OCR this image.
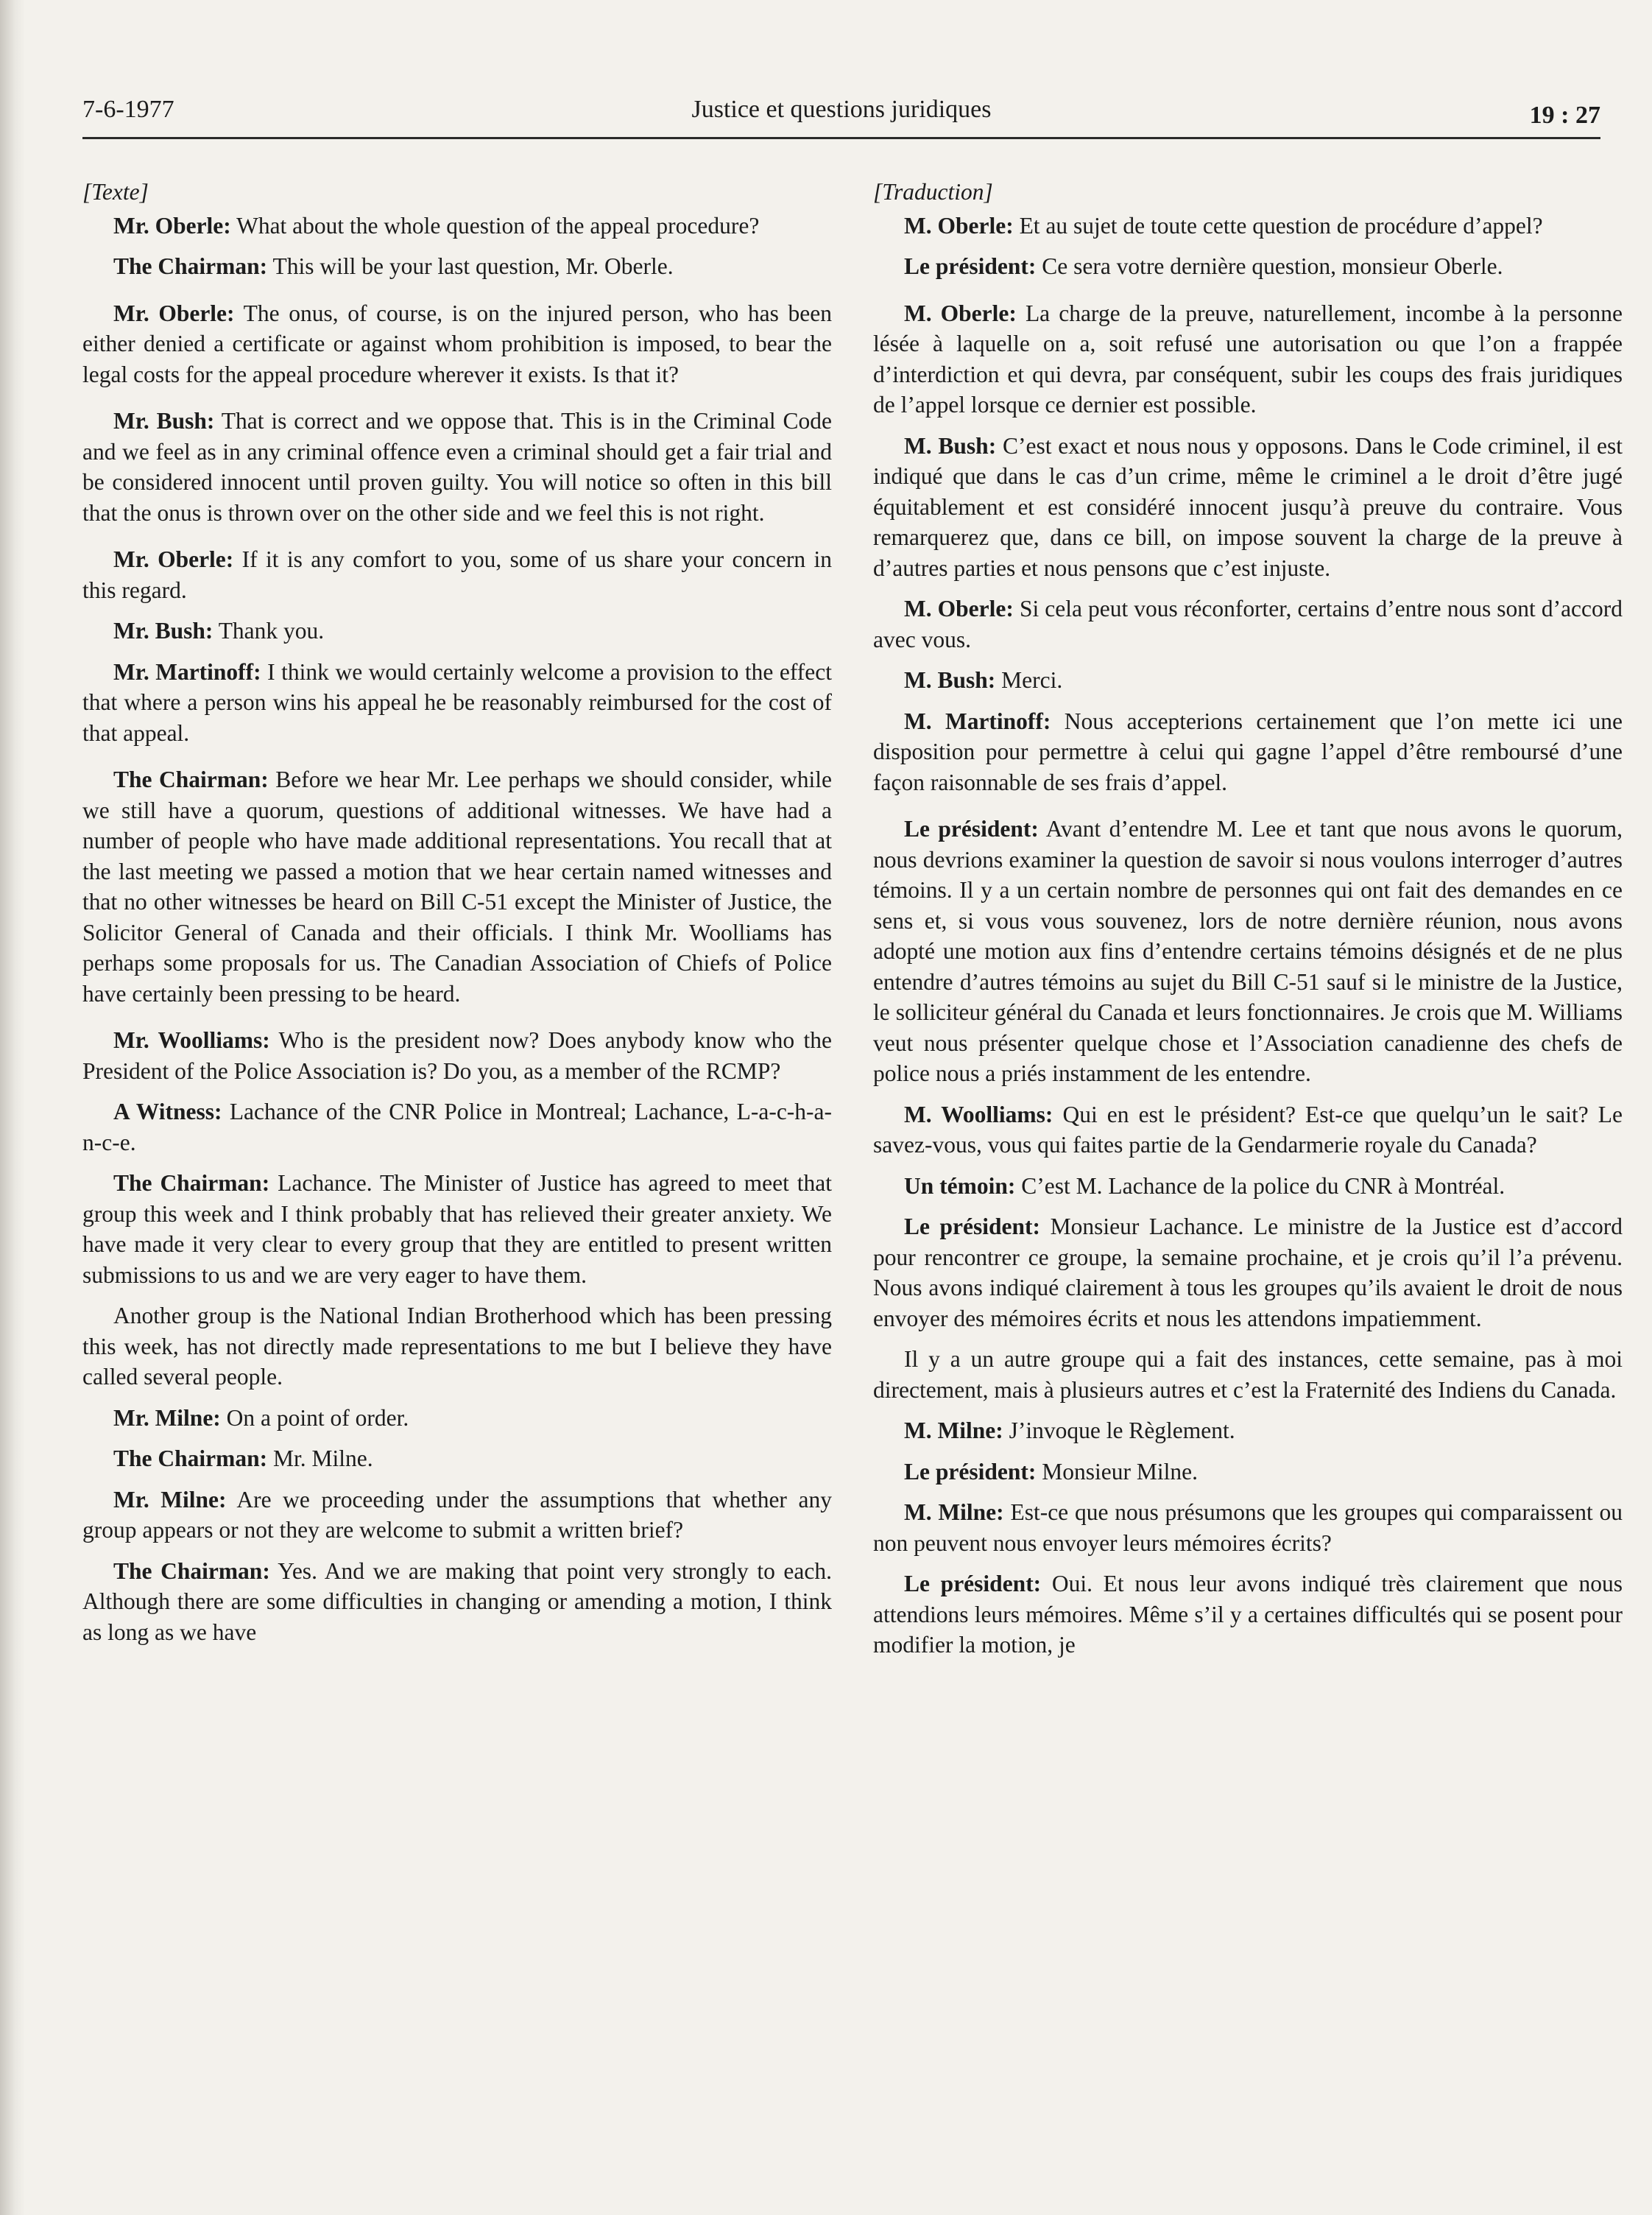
7-6-1977	Justice et questions juridiques	19 : 27
[Texte]

Mr. Oberle: What about the whole question of the appeal procedure?

The Chairman: This will be your last question, Mr. Oberle.

Mr. Oberle: The onus, of course, is on the injured person, who has been either denied a certificate or against whom prohibition is imposed, to bear the legal costs for the appeal procedure wherever it exists. Is that it?

Mr. Bush: That is correct and we oppose that. This is in the Criminal Code and we feel as in any criminal offence even a criminal should get a fair trial and be considered innocent until proven guilty. You will notice so often in this bill that the onus is thrown over on the other side and we feel this is not right.

Mr. Oberle: If it is any comfort to you, some of us share your concern in this regard.

Mr. Bush: Thank you.

Mr. Martinoff: I think we would certainly welcome a provision to the effect that where a person wins his appeal he be reasonably reimbursed for the cost of that appeal.

The Chairman: Before we hear Mr. Lee perhaps we should consider, while we still have a quorum, questions of additional witnesses. We have had a number of people who have made additional representations. You recall that at the last meeting we passed a motion that we hear certain named witnesses and that no other witnesses be heard on Bill C-51 except the Minister of Justice, the Solicitor General of Canada and their officials. I think Mr. Woolliams has perhaps some proposals for us. The Canadian Association of Chiefs of Police have certainly been pressing to be heard.

Mr. Woolliams: Who is the president now? Does anybody know who the President of the Police Association is? Do you, as a member of the RCMP?

A Witness: Lachance of the CNR Police in Montreal; Lachance, L-a-c-h-a-n-c-e.

The Chairman: Lachance. The Minister of Justice has agreed to meet that group this week and I think probably that has relieved their greater anxiety. We have made it very clear to every group that they are entitled to present written submissions to us and we are very eager to have them.

Another group is the National Indian Brotherhood which has been pressing this week, has not directly made representations to me but I believe they have called several people.

Mr. Milne: On a point of order.

The Chairman: Mr. Milne.

Mr. Milne: Are we proceeding under the assumptions that whether any group appears or not they are welcome to submit a written brief?

The Chairman: Yes. And we are making that point very strongly to each. Although there are some difficulties in changing or amending a motion, I think as long as we have

[Traduction]

M. Oberle: Et au sujet de toute cette question de procédure d’appel?

Le président: Ce sera votre dernière question, monsieur Oberle.

M. Oberle: La charge de la preuve, naturellement, incombe à la personne lésée à laquelle on a, soit refusé une autorisation ou que l’on a frappée d’interdiction et qui devra, par conséquent, subir les coups des frais juridiques de l’appel lorsque ce dernier est possible.

M. Bush: C’est exact et nous nous y opposons. Dans le Code criminel, il est indiqué que dans le cas d’un crime, même le criminel a le droit d’être jugé équitablement et est considéré innocent jusqu’à preuve du contraire. Vous remarquerez que, dans ce bill, on impose souvent la charge de la preuve à d’autres parties et nous pensons que c’est injuste.

M. Oberle: Si cela peut vous réconforter, certains d’entre nous sont d’accord avec vous.

M. Bush: Merci.

M. Martinoff: Nous accepterions certainement que l’on mette ici une disposition pour permettre à celui qui gagne l’appel d’être remboursé d’une façon raisonnable de ses frais d’appel.

Le président: Avant d’entendre M. Lee et tant que nous avons le quorum, nous devrions examiner la question de savoir si nous voulons interroger d’autres témoins. Il y a un certain nombre de personnes qui ont fait des demandes en ce sens et, si vous vous souvenez, lors de notre dernière réunion, nous avons adopté une motion aux fins d’entendre certains témoins désignés et de ne plus entendre d’autres témoins au sujet du Bill C-51 sauf si le ministre de la Justice, le solliciteur général du Canada et leurs fonctionnaires. Je crois que M. Williams veut nous présenter quelque chose et l’Association canadienne des chefs de police nous a priés instamment de les entendre.

M. Woolliams: Qui en est le président? Est-ce que quelqu’un le sait? Le savez-vous, vous qui faites partie de la Gendarmerie royale du Canada?

Un témoin: C’est M. Lachance de la police du CNR à Montréal.

Le président: Monsieur Lachance. Le ministre de la Justice est d’accord pour rencontrer ce groupe, la semaine prochaine, et je crois qu’il l’a prévenu. Nous avons indiqué clairement à tous les groupes qu’ils avaient le droit de nous envoyer des mémoires écrits et nous les attendons impatiemment.

Il y a un autre groupe qui a fait des instances, cette semaine, pas à moi directement, mais à plusieurs autres et c’est la Fraternité des Indiens du Canada.

M. Milne: J’invoque le Règlement.

Le président: Monsieur Milne.

M. Milne: Est-ce que nous présumons que les groupes qui comparaissent ou non peuvent nous envoyer leurs mémoires écrits?

Le président: Oui. Et nous leur avons indiqué très clairement que nous attendions leurs mémoires. Même s’il y a certaines difficultés qui se posent pour modifier la motion, je
